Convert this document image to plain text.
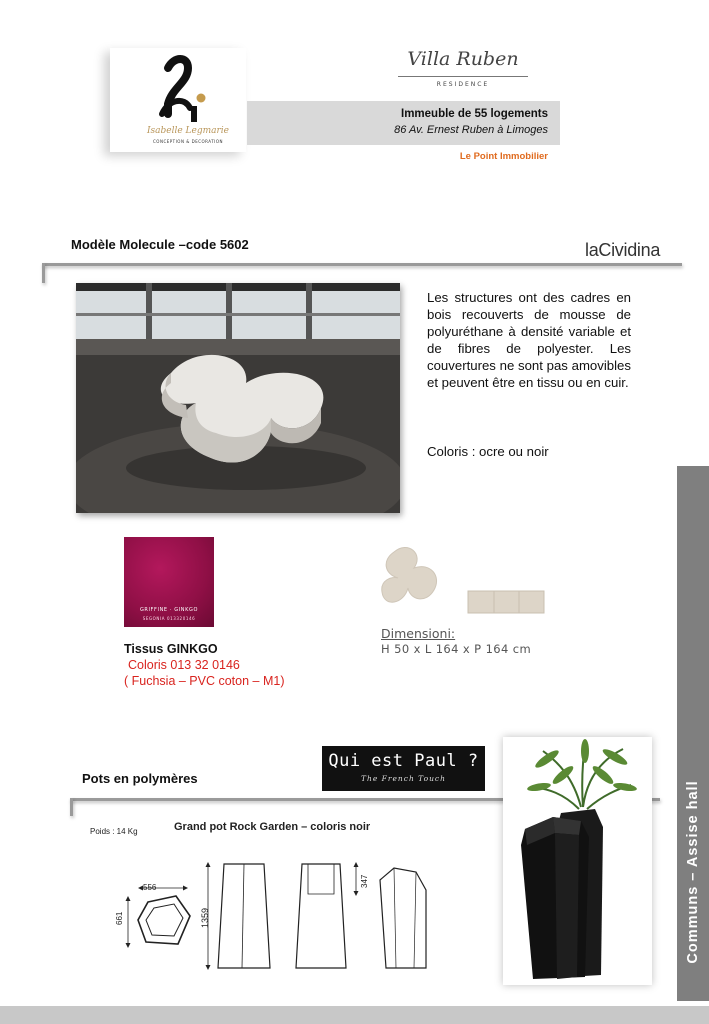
Isabelle Legmarie
CONCEPTION & DECORATION
Villa Ruben
RESIDENCE
Immeuble de 55 logements
86 Av. Ernest Ruben à Limoges
Le Point Immobilier
Modèle Molecule –code 5602	laCividina
Les structures ont des cadres en bois recouverts de mousse de polyuréthane à densité variable et de fibres de polyester. Les couvertures ne sont pas amovibles et peuvent être en tissu ou en cuir.
Coloris : ocre ou noir
GRIFFINE · GINKGO
SEGONIA 013320146
Tissus GINKGO
Coloris 013 32 0146
( Fuchsia – PVC coton – M1)
Dimensioni:
H 50 x L 164 x P 164 cm
Qui est Paul ?
The French Touch
Pots en polymères
Poids : 14 Kg	Grand pot Rock Garden – coloris noir
556
661	1359
347	Communs – Assise hall
